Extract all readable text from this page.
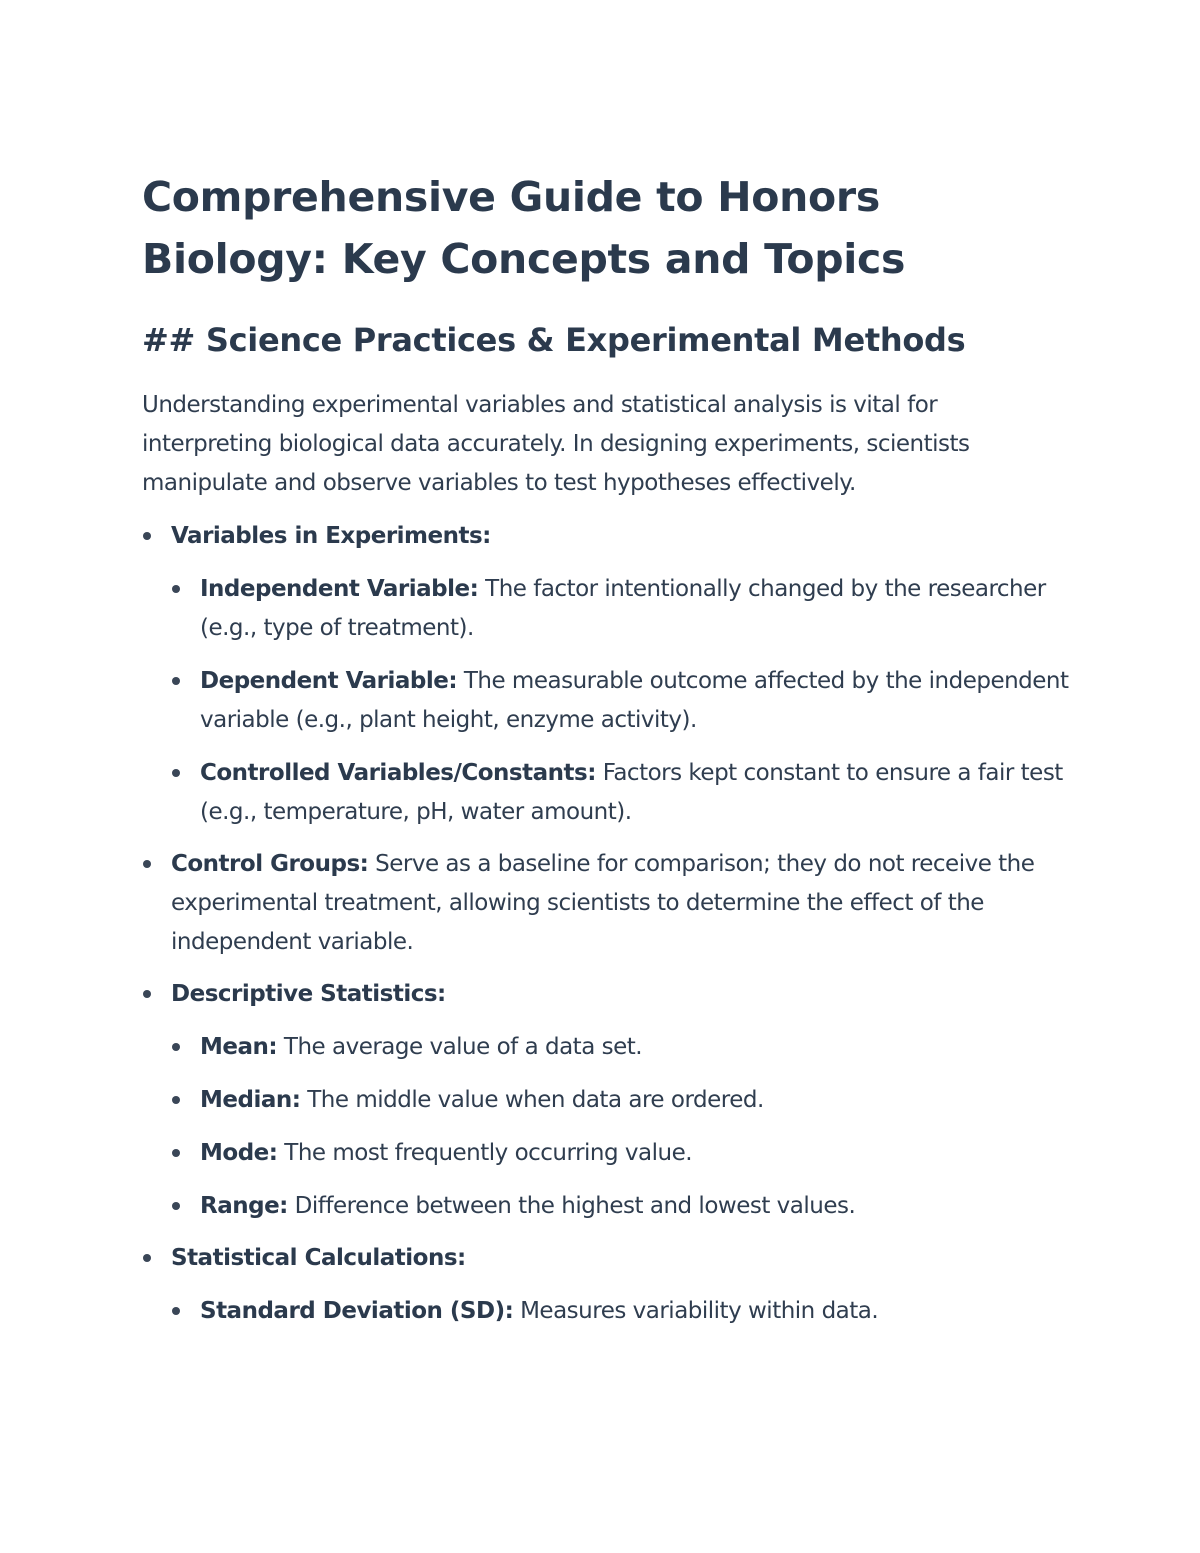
Comprehensive Guide to Honors Biology: Key Concepts and Topics
## Science Practices & Experimental Methods

Understanding experimental variables and statistical analysis is vital for interpreting biological data accurately. In designing experiments, scientists manipulate and observe variables to test hypotheses effectively.

Variables in Experiments:
Independent Variable: The factor intentionally changed by the researcher (e.g., type of treatment).
Dependent Variable: The measurable outcome affected by the independent variable (e.g., plant height, enzyme activity).
Controlled Variables/Constants: Factors kept constant to ensure a fair test (e.g., temperature, pH, water amount).
Control Groups: Serve as a baseline for comparison; they do not receive the experimental treatment, allowing scientists to determine the effect of the independent variable.
Descriptive Statistics:
Mean: The average value of a data set.
Median: The middle value when data are ordered.
Mode: The most frequently occurring value.
Range: Difference between the highest and lowest values.
Statistical Calculations:
Standard Deviation (SD): Measures variability within data.
